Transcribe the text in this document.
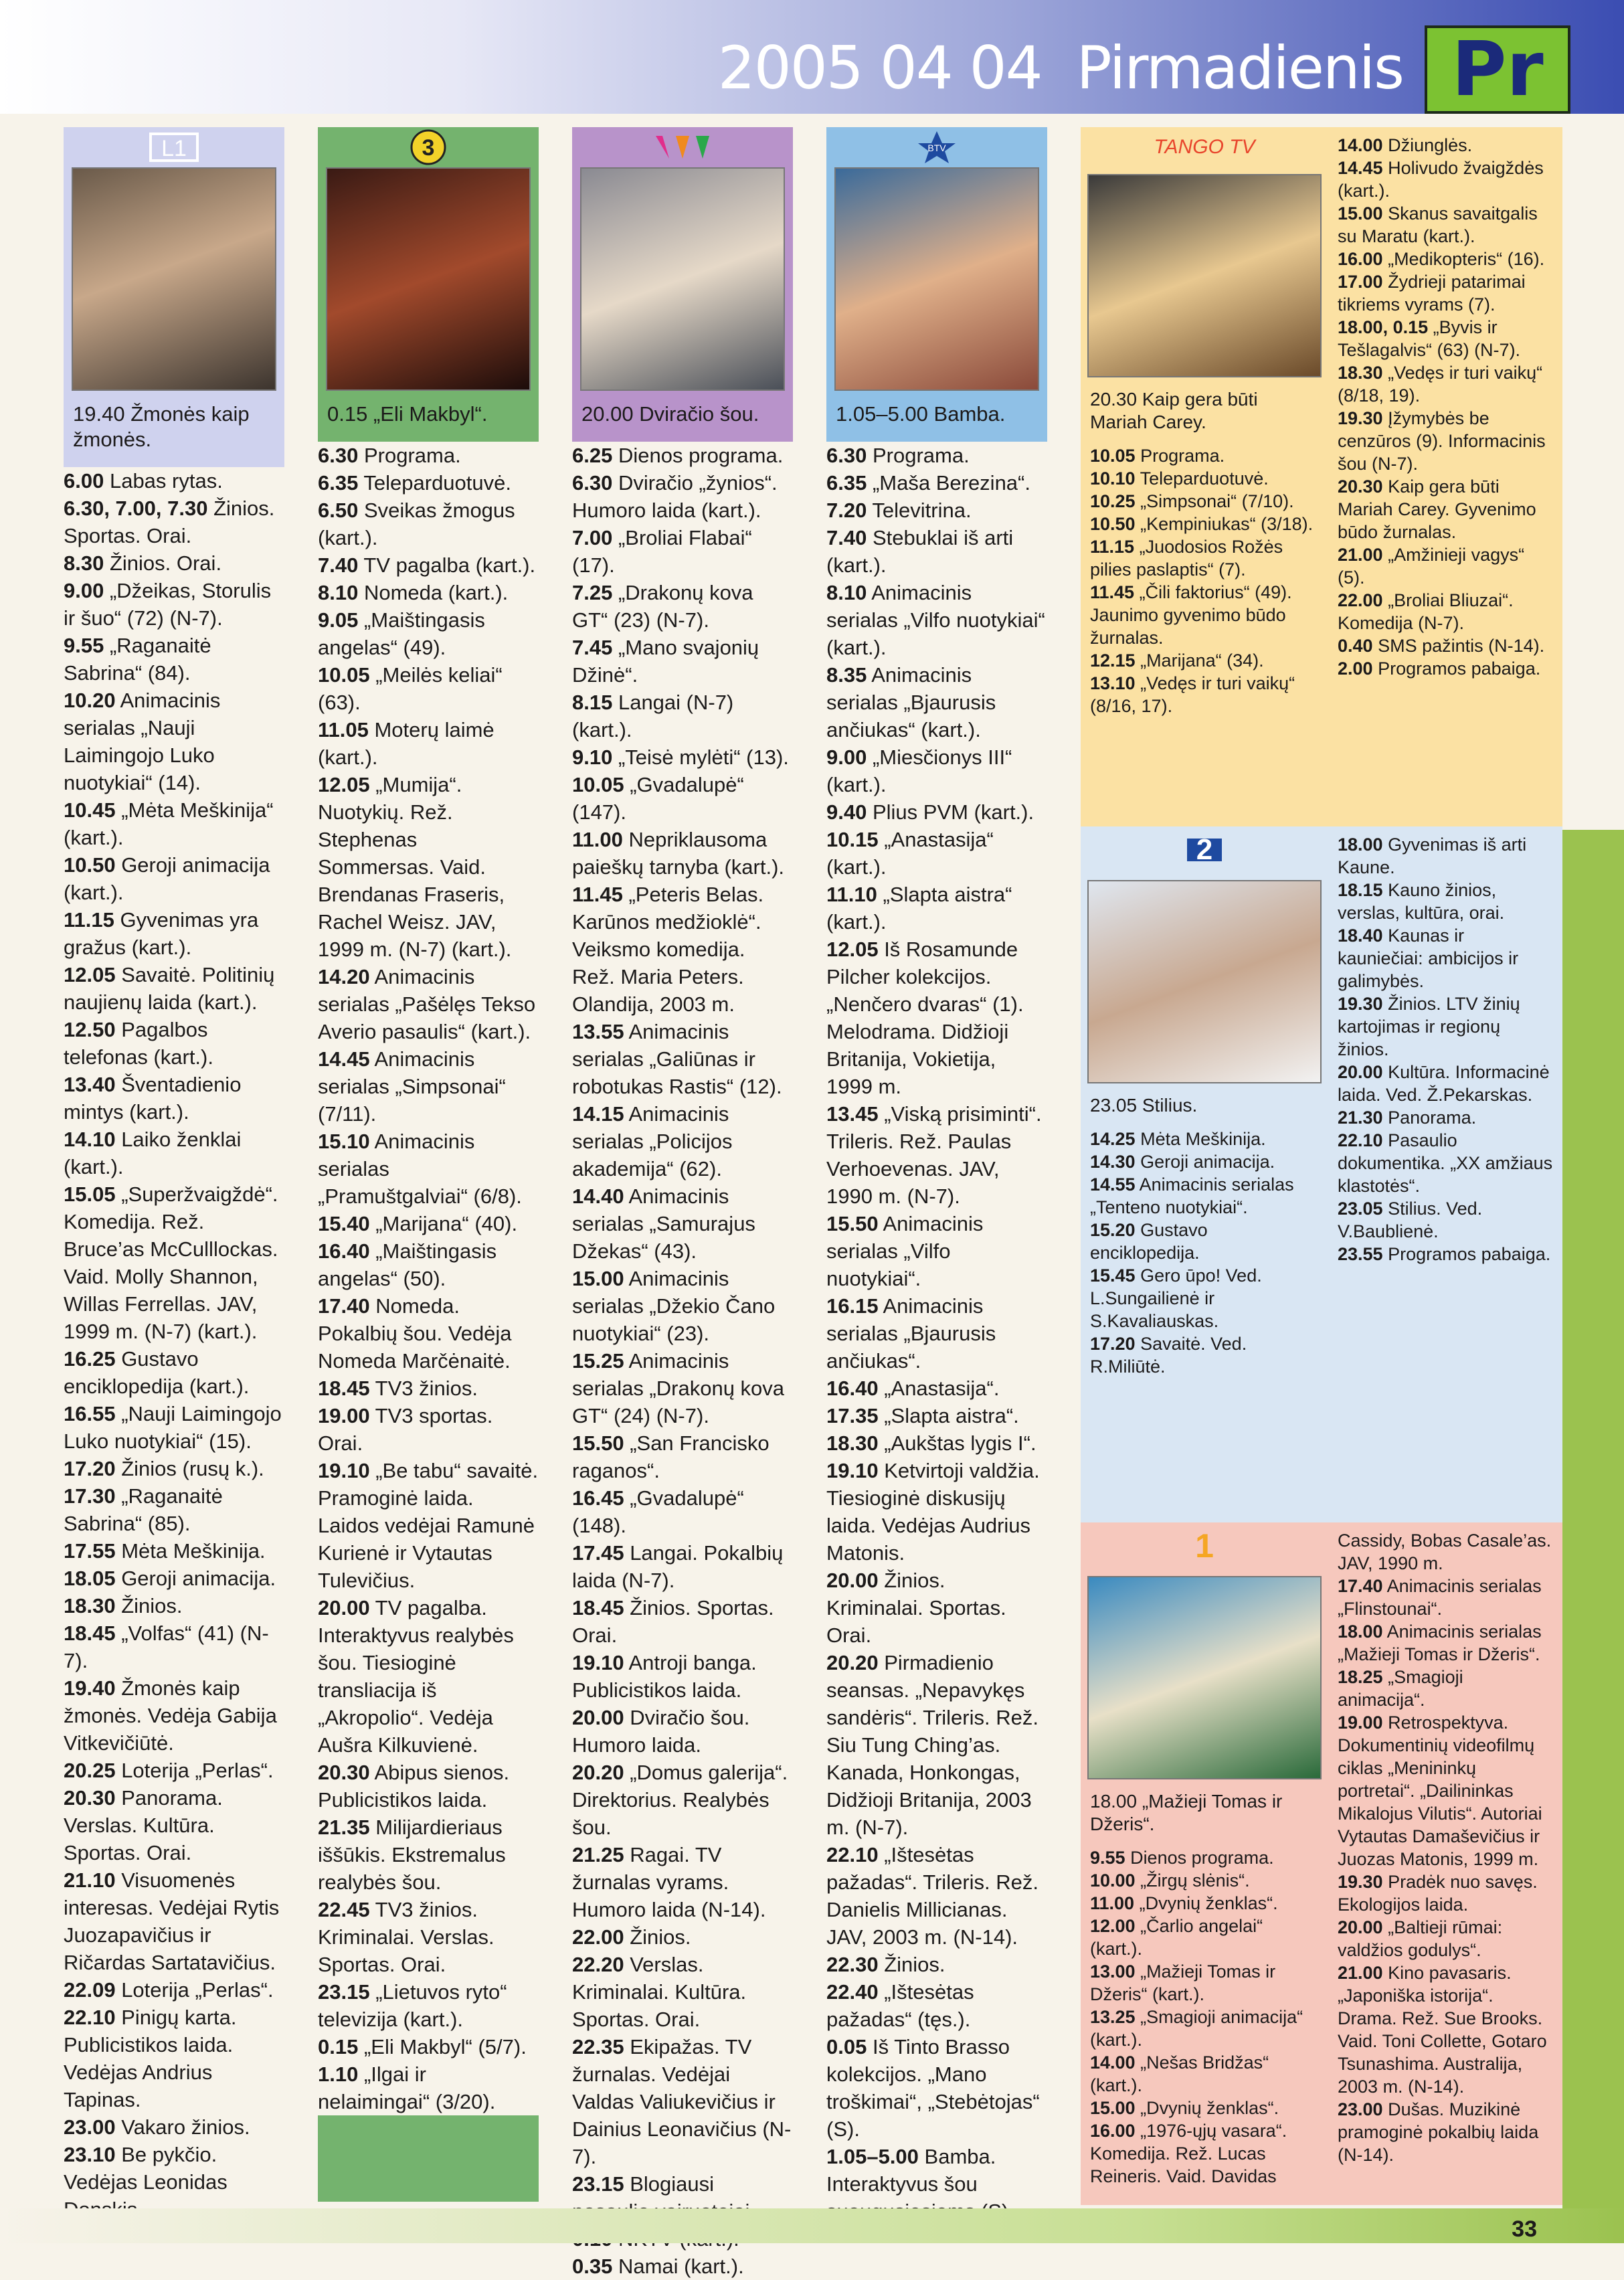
2005 04 04 Pirmadienis Pr
L1
19.40 Žmonės kaip žmonės.
6.00 Labas rytas.
6.30, 7.00, 7.30 Žinios. Sportas. Orai.
8.30 Žinios. Orai.
9.00 „Džeikas, Storulis ir šuo“ (72) (N-7).
9.55 „Raganaitė Sabrina“ (84).
10.20 Animacinis serialas „Nauji Laimingojo Luko nuotykiai“ (14).
10.45 „Mėta Meškinija“ (kart.).
10.50 Geroji animacija (kart.).
11.15 Gyvenimas yra gražus (kart.).
12.05 Savaitė. Politinių naujienų laida (kart.).
12.50 Pagalbos telefonas (kart.).
13.40 Šventadienio mintys (kart.).
14.10 Laiko ženklai (kart.).
15.05 „Superžvaigždė“. Komedija. Rež. Bruce’as McCulllockas. Vaid. Molly Shannon, Willas Ferrellas. JAV, 1999 m. (N-7) (kart.).
16.25 Gustavo enciklopedija (kart.).
16.55 „Nauji Laimingojo Luko nuotykiai“ (15).
17.20 Žinios (rusų k.).
17.30 „Raganaitė Sabrina“ (85).
17.55 Mėta Meškinija.
18.05 Geroji animacija.
18.30 Žinios.
18.45 „Volfas“ (41) (N-7).
19.40 Žmonės kaip žmonės. Vedėja Gabija Vitkevičiūtė.
20.25 Loterija „Perlas“.
20.30 Panorama. Verslas. Kultūra. Sportas. Orai.
21.10 Visuomenės interesas. Vedėjai Rytis Juozapavičius ir Ričardas Sartatavičius.
22.09 Loterija „Perlas“.
22.10 Pinigų karta. Publicistikos laida. Vedėjas Andrius Tapinas.
23.00 Vakaro žinios.
23.10 Be pykčio. Vedėjas Leonidas
3
0.15 „Eli Makbyl“.
6.30 Programa.
6.35 Teleparduotuvė.
6.50 Sveikas žmogus (kart.).
7.40 TV pagalba (kart.).
8.10 Nomeda (kart.).
9.05 „Maištingasis angelas“ (49).
10.05 „Meilės keliai“ (63).
11.05 Moterų laimė (kart.).
12.05 „Mumija“. Nuotykių. Rež. Stephenas Sommersas. Vaid. Brendanas Fraseris, Rachel Weisz. JAV, 1999 m. (N-7) (kart.).
14.20 Animacinis serialas „Pašėlęs Tekso Averio pasaulis“ (kart.).
14.45 Animacinis serialas „Simpsonai“ (7/11).
15.10 Animacinis serialas „Pramuštgalviai“ (6/8).
15.40 „Marijana“ (40).
16.40 „Maištingasis angelas“ (50).
17.40 Nomeda. Pokalbių šou. Vedėja Nomeda Marčėnaitė.
18.45 TV3 žinios.
19.00 TV3 sportas. Orai.
19.10 „Be tabu“ savaitė. Pramoginė laida. Laidos vedėjai Ramunė Kurienė ir Vytautas Tulevičius.
20.00 TV pagalba. Interaktyvus realybės šou. Tiesioginė transliacija iš „Akropolio“. Vedėja Aušra Kilkuvienė.
20.30 Abipus sienos. Publicistikos laida.
21.35 Milijardieriaus iššūkis. Ekstremalus realybės šou.
22.45 TV3 žinios. Kriminalai. Verslas. Sportas. Orai.
23.15 „Lietuvos ryto“ televizija (kart.).
0.15 „Eli Makbyl“ (5/7).
1.10 „Ilgai ir nelaimingai“ (3/20).
20.00 Dviračio šou.
6.25 Dienos programa.
6.30 Dviračio „žynios“. Humoro laida (kart.).
7.00 „Broliai Flabai“ (17).
7.25 „Drakonų kova GT“ (23) (N-7).
7.45 „Mano svajonių Džinė“.
8.15 Langai (N-7) (kart.).
9.10 „Teisė mylėti“ (13).
10.05 „Gvadalupė“ (147).
11.00 Nepriklausoma paieškų tarnyba (kart.).
11.45 „Peteris Belas. Karūnos medžioklė“. Veiksmo komedija. Rež. Maria Peters. Olandija, 2003 m.
13.55 Animacinis serialas „Galiūnas ir robotukas Rastis“ (12).
14.15 Animacinis serialas „Policijos akademija“ (62).
14.40 Animacinis serialas „Samurajus Džekas“ (43).
15.00 Animacinis serialas „Džekio Čano nuotykiai“ (23).
15.25 Animacinis serialas „Drakonų kova GT“ (24) (N-7).
15.50 „San Francisko raganos“.
16.45 „Gvadalupė“ (148).
17.45 Langai. Pokalbių laida (N-7).
18.45 Žinios. Sportas. Orai.
19.10 Antroji banga. Publicistikos laida.
20.00 Dviračio šou. Humoro laida.
20.20 „Domus galerija“. Direktorius. Realybės šou.
21.25 Ragai. TV žurnalas vyrams. Humoro laida (N-14).
22.00 Žinios.
22.20 Verslas. Kriminalai. Kultūra. Sportas. Orai.
22.35 Ekipažas. TV žurnalas. Vedėjai Valdas Valiukevičius ir Dainius Leonavičius (N-7).
23.15 Blogiausi
0.35 Namai (kart.).
BTV
1.05–5.00 Bamba.
6.30 Programa.
6.35 „Maša Berezina“.
7.20 Televitrina.
7.40 Stebuklai iš arti (kart.).
8.10 Animacinis serialas „Vilfo nuotykiai“ (kart.).
8.35 Animacinis serialas „Bjaurusis ančiukas“ (kart.).
9.00 „Miesčionys III“ (kart.).
9.40 Plius PVM (kart.).
10.15 „Anastasija“ (kart.).
11.10 „Slapta aistra“ (kart.).
12.05 Iš Rosamunde Pilcher kolekcijos. „Nenčero dvaras“ (1). Melodrama. Didžioji Britanija, Vokietija, 1999 m.
13.45 „Viską prisiminti“. Trileris. Rež. Paulas Verhoevenas. JAV, 1990 m. (N-7).
15.50 Animacinis serialas „Vilfo nuotykiai“.
16.15 Animacinis serialas „Bjaurusis ančiukas“.
16.40 „Anastasija“.
17.35 „Slapta aistra“.
18.30 „Aukštas lygis I“.
19.10 Ketvirtoji valdžia. Tiesioginė diskusijų laida. Vedėjas Audrius Matonis.
20.00 Žinios. Kriminalai. Sportas. Orai.
20.20 Pirmadienio seansas. „Nepavykęs sandėris“. Trileris. Rež. Siu Tung Ching’as. Kanada, Honkongas, Didžioji Britanija, 2003 m. (N-7).
22.10 „Ištesėtas pažadas“. Trileris. Rež. Danielis Millicianas. JAV, 2003 m. (N-14).
22.30 Žinios.
22.40 „Ištesėtas pažadas“ (tęs.).
0.05 Iš Tinto Brasso kolekcijos. „Mano troškimai“, „Stebėtojas“ (S).
1.05–5.00 Bamba. Interaktyvus šou
TANGO TV
20.30 Kaip gera būti Mariah Carey.
10.05 Programa.
10.10 Teleparduotuvė.
10.25 „Simpsonai“ (7/10).
10.50 „Kempiniukas“ (3/18).
11.15 „Juodosios Rožės pilies paslaptis“ (7).
11.45 „Čili faktorius“ (49). Jaunimo gyvenimo būdo žurnalas.
12.15 „Marijana“ (34).
13.10 „Vedęs ir turi vaikų“ (8/16, 17).
14.00 Džiunglės.
14.45 Holivudo žvaigždės (kart.).
15.00 Skanus savaitgalis su Maratu (kart.).
16.00 „Medikopteris“ (16).
17.00 Žydrieji patarimai tikriems vyrams (7).
18.00, 0.15 „Byvis ir Tešlagalvis“ (63) (N-7).
18.30 „Vedęs ir turi vaikų“ (8/18, 19).
19.30 Įžymybės be cenzūros (9). Informacinis šou (N-7).
20.30 Kaip gera būti Mariah Carey. Gyvenimo būdo žurnalas.
21.00 „Amžinieji vagys“ (5).
22.00 „Broliai Bliuzai“. Komedija (N-7).
0.40 SMS pažintis (N-14).
2.00 Programos pabaiga.
2
23.05 Stilius.
14.25 Mėta Meškinija.
14.30 Geroji animacija.
14.55 Animacinis serialas „Tenteno nuotykiai“.
15.20 Gustavo enciklopedija.
15.45 Gero ūpo! Ved. L.Sungailienė ir S.Kavaliauskas.
17.20 Savaitė. Ved. R.Miliūtė.
18.00 Gyvenimas iš arti Kaune.
18.15 Kauno žinios, verslas, kultūra, orai.
18.40 Kaunas ir kauniečiai: ambicijos ir galimybės.
19.30 Žinios. LTV žinių kartojimas ir regionų žinios.
20.00 Kultūra. Informacinė laida. Ved. Ž.Pekarskas.
21.30 Panorama.
22.10 Pasaulio dokumentika. „XX amžiaus klastotės“.
23.05 Stilius. Ved. V.Baublienė.
23.55 Programos pabaiga.
1
18.00 „Mažieji Tomas ir Džeris“.
9.55 Dienos programa.
10.00 „Žirgų slėnis“.
11.00 „Dvynių ženklas“.
12.00 „Čarlio angelai“ (kart.).
13.00 „Mažieji Tomas ir Džeris“ (kart.).
13.25 „Smagioji animacija“ (kart.).
14.00 „Nešas Bridžas“ (kart.).
15.00 „Dvynių ženklas“.
16.00 „1976-ųjų vasara“. Komedija. Rež. Lucas Reineris. Vaid. Davidas
Cassidy, Bobas Casale’as. JAV, 1990 m.
17.40 Animacinis serialas „Flinstounai“.
18.00 Animacinis serialas „Mažieji Tomas ir Džeris“.
18.25 „Smagioji animacija“.
19.00 Retrospektyva. Dokumentinių videofilmų ciklas „Menininkų portretai“. „Dailininkas Mikalojus Vilutis“. Autoriai Vytautas Damaševičius ir Juozas Matonis, 1999 m.
19.30 Pradėk nuo savęs. Ekologijos laida.
20.00 „Baltieji rūmai: valdžios godulys“.
21.00 Kino pavasaris. „Japoniška istorija“. Drama. Rež. Sue Brooks. Vaid. Toni Collette, Gotaro Tsunashima. Australija, 2003 m. (N-14).
23.00 Dušas. Muzikinė pramoginė pokalbių laida (N-14).
33
